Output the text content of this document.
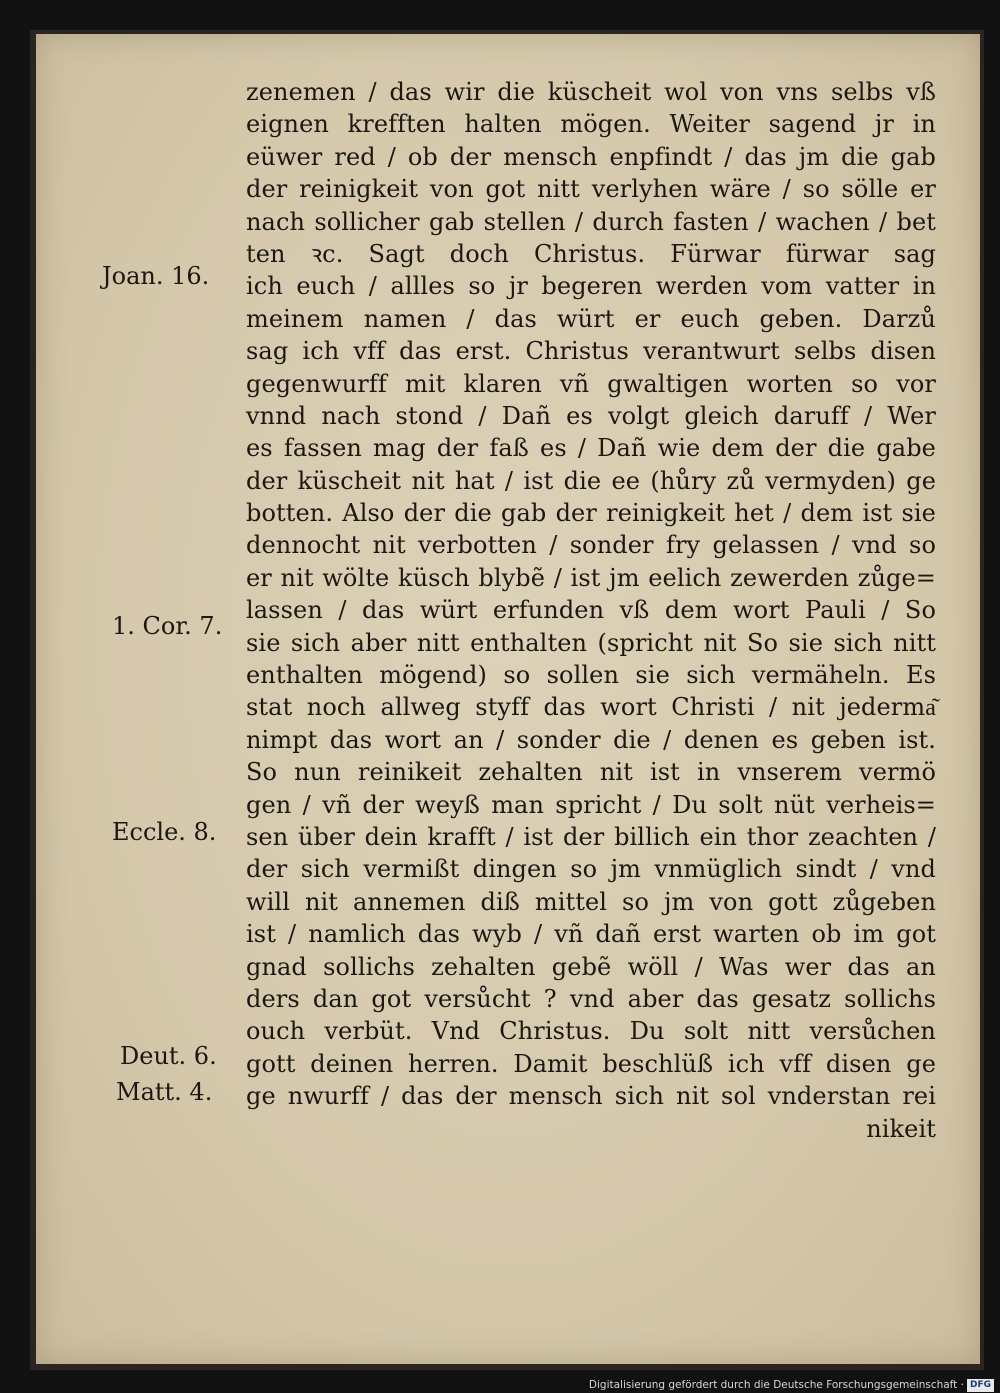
zenemen / das wir die küscheit wol von vns selbs vß
eignen krefften halten mögen. Weiter sagend jr in
eüwer red / ob der mensch enpfindt / das jm die gab
der reinigkeit von got nitt verlyhen wäre / so sölle er
nach sollicher gab stellen / durch fasten / wachen / bet
ten ꝛc. Sagt doch Christus. Fürwar fürwar sag
ich euch / allles so jr begeren werden vom vatter in
meinem namen / das würt er euch geben. Darzů
sag ich vff das erst. Christus verantwurt selbs disen
gegenwurff mit klaren vñ gwaltigen worten so vor
vnnd nach stond / Dañ es volgt gleich daruff / Wer
es fassen mag der faß es / Dañ wie dem der die gabe
der küscheit nit hat / ist die ee (hůry zů vermyden) ge
botten. Also der die gab der reinigkeit het / dem ist sie
dennocht nit verbotten / sonder fry gelassen / vnd so
er nit wölte küsch blybẽ / ist jm eelich zewerden zůge=
lassen / das würt erfunden vß dem wort Pauli / So
sie sich aber nitt enthalten (spricht nit So sie sich nitt
enthalten mögend) so sollen sie sich vermäheln. Es
stat noch allweg styff das wort Christi / nit jederma͂
nimpt das wort an / sonder die / denen es geben ist.
So nun reinikeit zehalten nit ist in vnserem vermö
gen / vñ der weyß man spricht / Du solt nüt verheis=
sen über dein krafft / ist der billich ein thor zeachten /
der sich vermißt dingen so jm vnmüglich sindt / vnd
will nit annemen diß mittel so jm von gott zůgeben
ist / namlich das wyb / vñ dañ erst warten ob im got
gnad sollichs zehalten gebẽ wöll / Was wer das an
ders dan got versůcht ? vnd aber das gesatz sollichs
ouch verbüt. Vnd Christus. Du solt nitt versůchen
gott deinen herren. Damit beschlüß ich vff disen ge
ge nwurff / das der mensch sich nit sol vnderstan rei
nikeit
Joan. 16.
1. Cor. 7.
Eccle. 8.
Deut. 6.
Matt. 4.
Digitalisierung gefördert durch die Deutsche Forschungsgemeinschaft · DFG
